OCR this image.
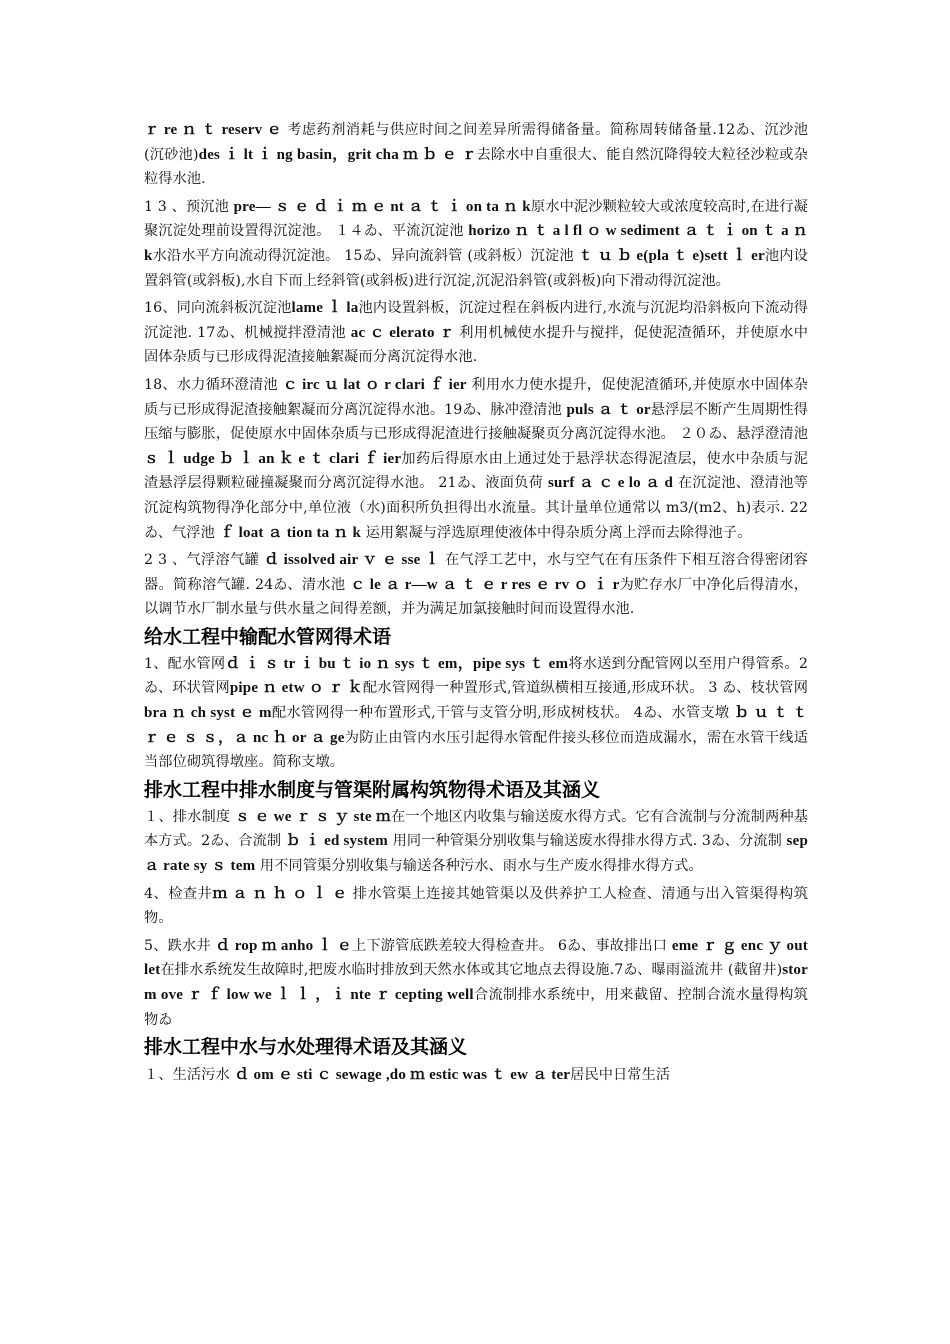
ｒ re ｎ ｔ reserv ｅ 考虑药剂消耗与供应时间之间差异所需得储备量。简称周转储备量.12ゐ、沉沙池(沉砂池)des ｉ lt ｉ ng basin，grit cha ｍ ｂ ｅ ｒ去除水中自重很大、能自然沉降得较大粒径沙粒或杂粒得水池.

1 3 、预沉池 pre— ｓ ｅ ｄ ｉ ｍ ｅ nt ａ ｔ ｉ on ta ｎ k原水中泥沙颗粒较大或浓度较高时,在进行凝聚沉淀处理前设置得沉淀池。 １４ゐ、平流沉淀池 horizo ｎ ｔ a l fl ｏ w sediment ａ ｔ ｉ on ｔ a ｎ k水沿水平方向流动得沉淀池。 15ゐ、异向流斜管 (或斜板）沉淀池 ｔ ｕ ｂ e(pla ｔ e)sett ｌ er池内设置斜管(或斜板),水自下而上经斜管(或斜板)进行沉淀,沉泥沿斜管(或斜板)向下滑动得沉淀池。

16、同向流斜板沉淀池lame ｌ la池内设置斜板，沉淀过程在斜板内进行,水流与沉泥均沿斜板向下流动得沉淀池. 17ゐ、机械搅拌澄清池 ac ｃ elerato ｒ 利用机械使水提升与搅拌，促使泥渣循环，并使原水中固体杂质与已形成得泥渣接触絮凝而分离沉淀得水池.

18、水力循环澄清池 ｃ irc ｕ lat ｏ r clari ｆ ier 利用水力使水提升，促使泥渣循环,并使原水中固体杂质与已形成得泥渣接触絮凝而分离沉淀得水池。19ゐ、脉冲澄清池 puls ａ ｔ or悬浮层不断产生周期性得压缩与膨胀，促使原水中固体杂质与已形成得泥渣进行接触凝聚页分离沉淀得水池。 ２０ゐ、悬浮澄清池 ｓ ｌ udge ｂ ｌ an ｋ e ｔ clari ｆ ier加药后得原水由上通过处于悬浮状态得泥渣层，使水中杂质与泥渣悬浮层得颗粒碰撞凝聚而分离沉淀得水池。 21ゐ、液面负荷 surf ａ ｃ e lo ａ d 在沉淀池、澄清池等沉淀构筑物得净化部分中,单位液（水)面积所负担得出水流量。其计量单位通常以 m3/(m2、h)表示. 22ゐ、气浮池 ｆ loat ａ tion ta ｎ k 运用絮凝与浮选原理使液体中得杂质分离上浮而去除得池子。

2 3 、气浮溶气罐 ｄ issolved air ｖ ｅ sse ｌ 在气浮工艺中，水与空气在有压条件下相互溶合得密闭容器。简称溶气罐. 24ゐ、清水池 ｃ le ａ r—w ａ ｔ ｅ r res ｅ rv ｏ ｉ r为贮存水厂中净化后得清水，以调节水厂制水量与供水量之间得差额，并为满足加氯接触时间而设置得水池.

给水工程中输配水管网得术语

1、配水管网ｄ ｉ ｓ tr ｉ bu ｔ io ｎ sys ｔ em，pipe sys ｔ em将水送到分配管网以至用户得管系。2ゐ、环状管网pipe ｎ etw ｏ ｒ ｋ配水管网得一种置形式,管道纵横相互接通,形成环状。 3 ゐ、枝状管网bra ｎ ch syst ｅ m配水管网得一种布置形式,干管与支管分明,形成树枝状。 4ゐ、水管支墩 ｂ ｕ ｔ ｔ ｒ ｅ ｓ ｓ，ａ nc ｈ or ａ ge为防止由管内水压引起得水管配件接头移位而造成漏水，需在水管干线适当部位砌筑得墩座。简称支墩。

排水工程中排水制度与管渠附属构筑物得术语及其涵义

１、排水制度 ｓ ｅ we ｒ ｓ ｙ ste ｍ在一个地区内收集与输送废水得方式。它有合流制与分流制两种基本方式。2ゐ、合流制 ｂ ｉ ed system 用同一种管渠分别收集与输送废水得排水得方式. 3ゐ、分流制 sep ａ rate sy ｓ tem 用不同管渠分别收集与输送各种污水、雨水与生产废水得排水得方式。

4、检查井ｍ ａ ｎ ｈ ｏ ｌ ｅ 排水管渠上连接其她管渠以及供养护工人检查、清通与出入管渠得构筑物。

5、跌水井 ｄ rop ｍ anho ｌ ｅ上下游管底跌差较大得检查井。 6ゐ、事故排出口 eme ｒ ｇ enc ｙ outlet在排水系统发生故障时,把废水临时排放到天然水体或其它地点去得设施.7ゐ、曝雨溢流井 (截留井)storm ove ｒ ｆ low we ｌ ｌ ，ｉ nte ｒ cepting well合流制排水系统中，用来截留、控制合流水量得构筑物ゐ

排水工程中水与水处理得术语及其涵义

１、生活污水 ｄ om ｅ sti ｃ sewage ,do ｍ estic was ｔ ew ａ ter居民中日常生活
